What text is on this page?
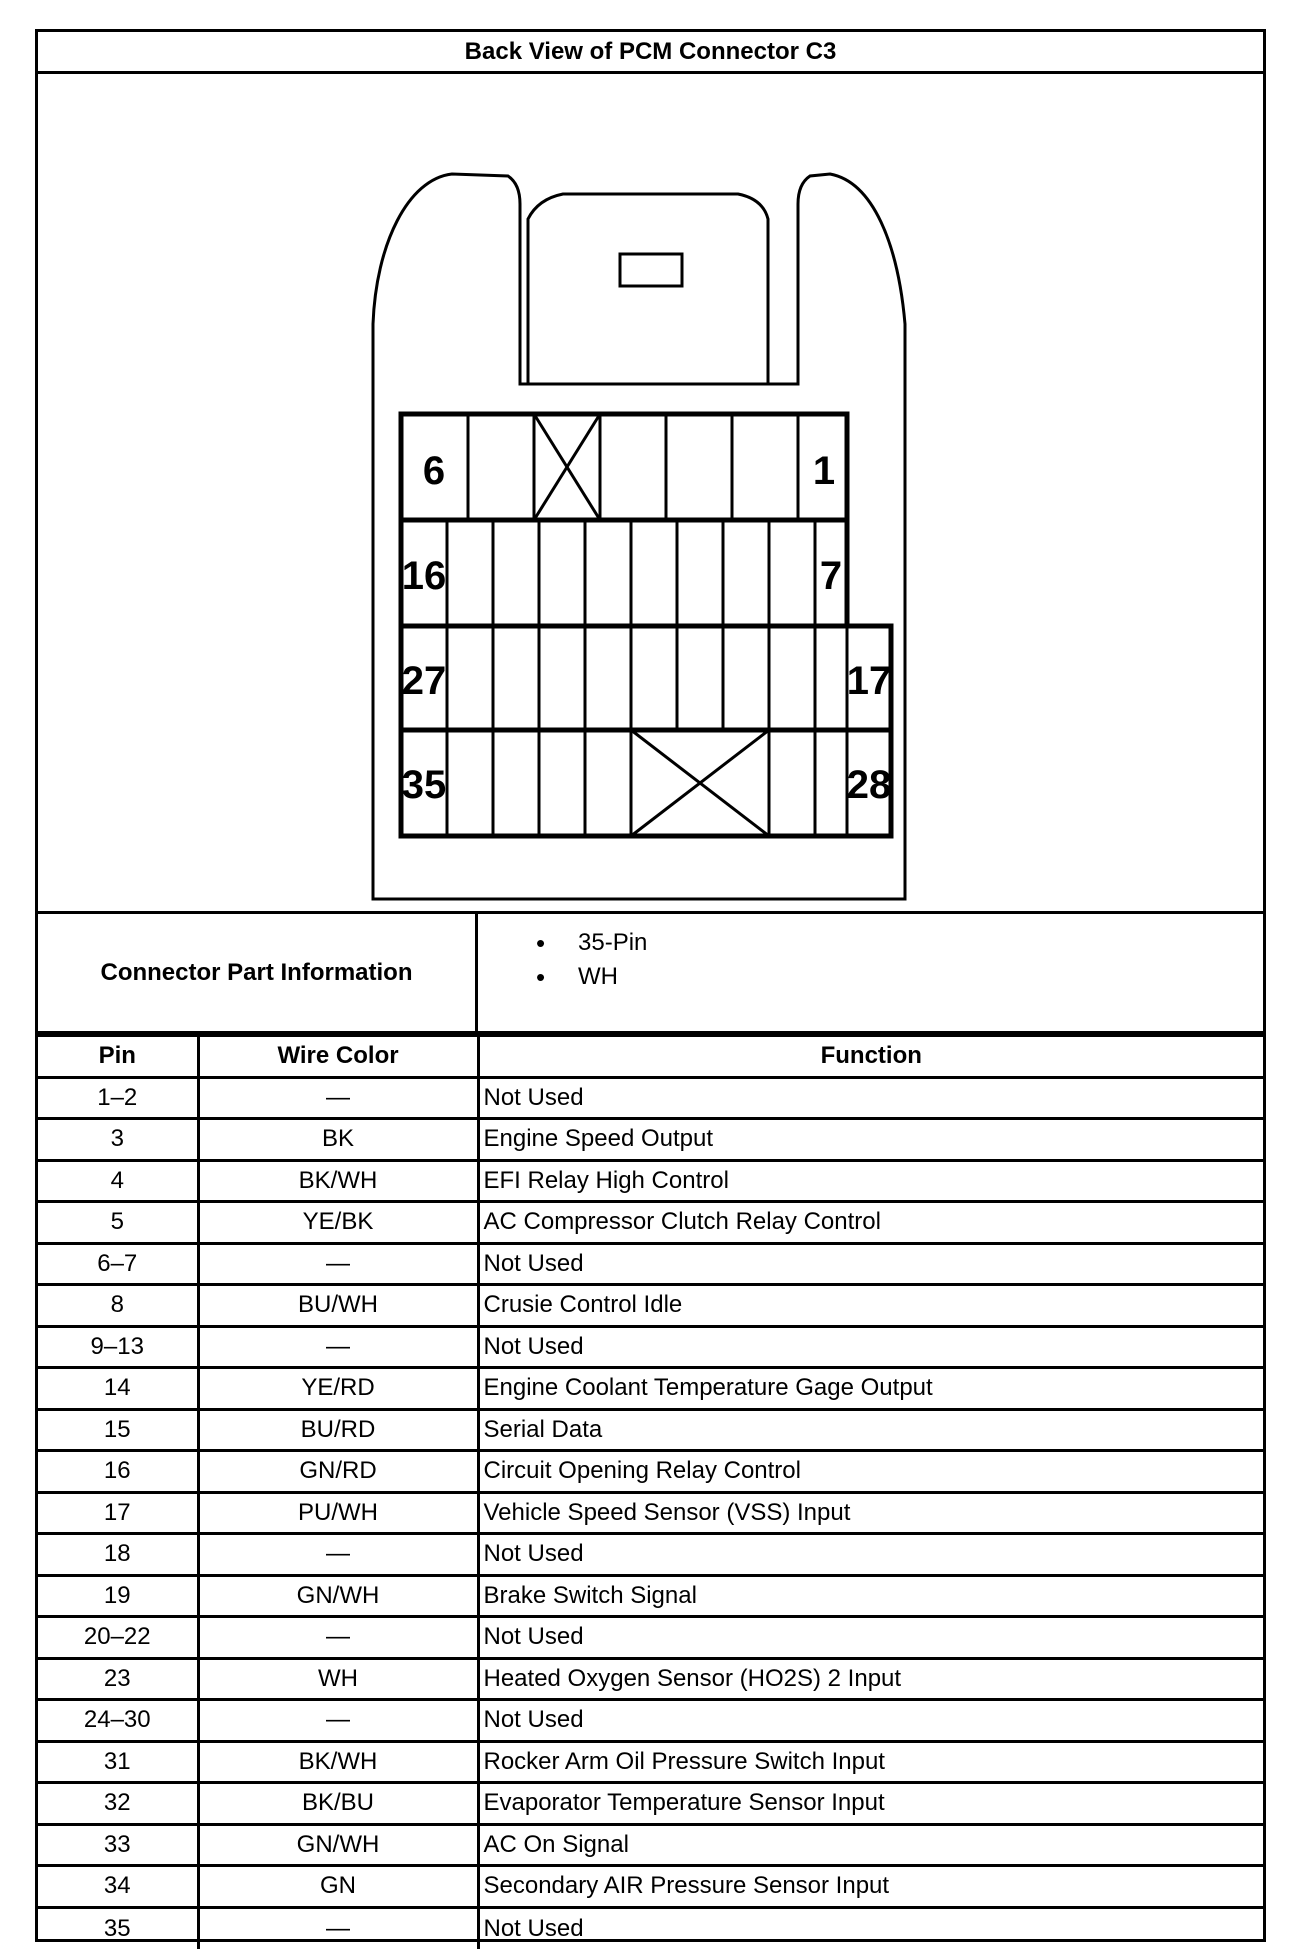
Back View of PCM Connector C3
6	1
16	7
27	17
35	28
Connector Part Information
• 35-Pin
• WH
Pin	Wire Color	Function
1–2	—	Not Used
3	BK	Engine Speed Output
4	BK/WH	EFI Relay High Control
5	YE/BK	AC Compressor Clutch Relay Control
6–7	—	Not Used
8	BU/WH	Crusie Control Idle
9–13	—	Not Used
14	YE/RD	Engine Coolant Temperature Gage Output
15	BU/RD	Serial Data
16	GN/RD	Circuit Opening Relay Control
17	PU/WH	Vehicle Speed Sensor (VSS) Input
18	—	Not Used
19	GN/WH	Brake Switch Signal
20–22	—	Not Used
23	WH	Heated Oxygen Sensor (HO2S) 2 Input
24–30	—	Not Used
31	BK/WH	Rocker Arm Oil Pressure Switch Input
32	BK/BU	Evaporator Temperature Sensor Input
33	GN/WH	AC On Signal
34	GN	Secondary AIR Pressure Sensor Input
35	—	Not Used
